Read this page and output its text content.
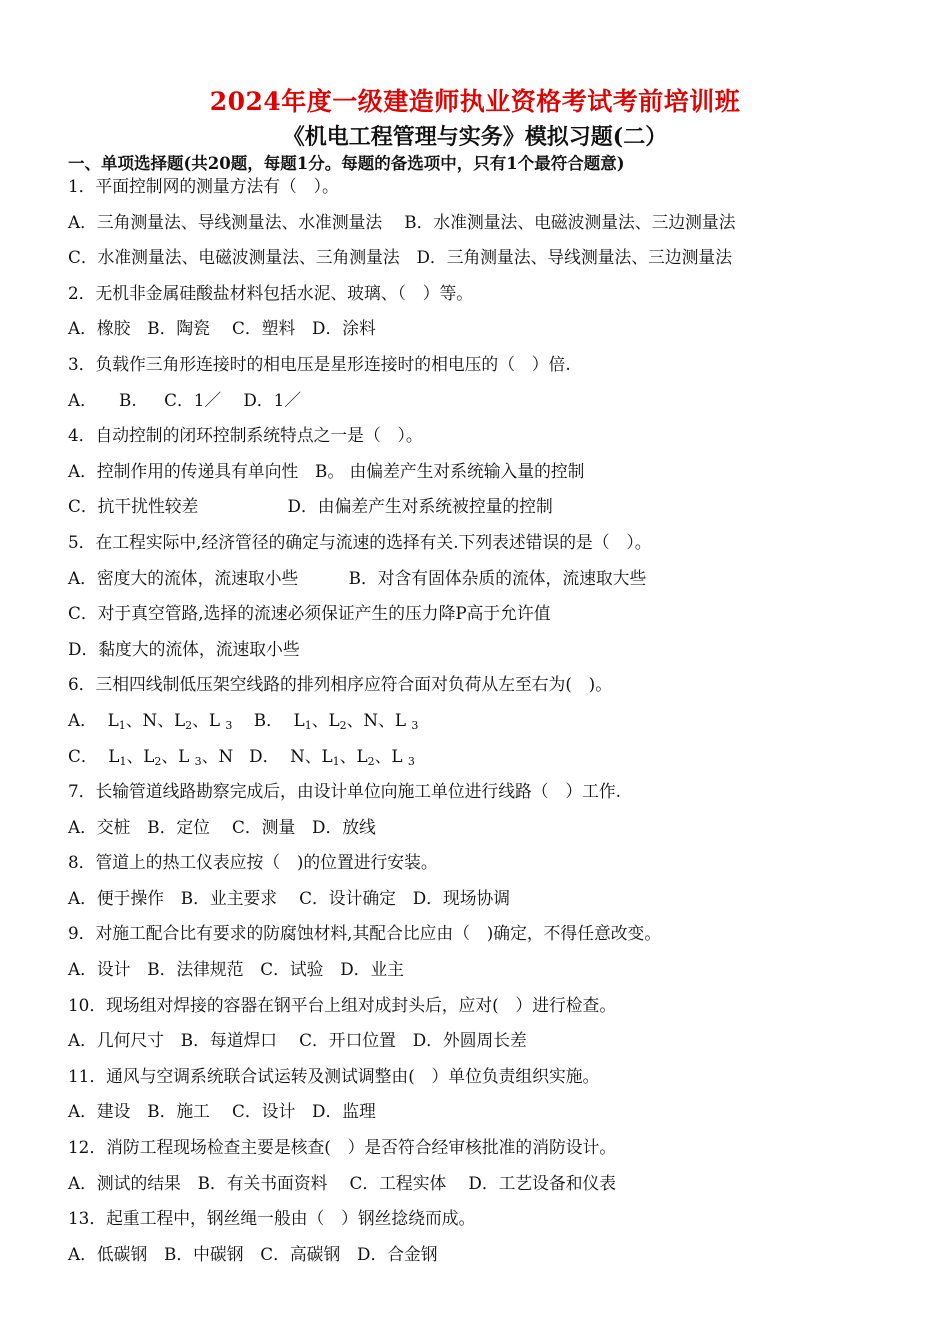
2024年度一级建造师执业资格考试考前培训班
《机电工程管理与实务》模拟习题(二）
一、单项选择题(共20题，每题1分。每题的备选项中，只有1个最符合题意)
1．平面控制网的测量方法有（　）。
A．三角测量法、导线测量法、水准测量法　 B．水准测量法、电磁波测量法、三边测量法
C．水准测量法、电磁波测量法、三角测量法　D．三角测量法、导线测量法、三边测量法
2．无机非金属硅酸盐材料包括水泥、玻璃、（　）等。
A．橡胶　B．陶瓷　 C．塑料　D．涂料
3．负载作三角形连接时的相电压是星形连接时的相电压的（　）倍.
A． 　B. 　 C．1／　 D．1／
4．自动控制的闭环控制系统特点之一是（　）。
A．控制作用的传递具有单向性　B。 由偏差产生对系统输入量的控制
C．抗干扰性较差　　　　　 D．由偏差产生对系统被控量的控制
5．在工程实际中,经济管径的确定与流速的选择有关.下列表述错误的是（　）。
A．密度大的流体，流速取小些　　　B．对含有固体杂质的流体，流速取大些
C．对于真空管路,选择的流速必须保证产生的压力降P高于允许值
D．黏度大的流体，流速取小些
6．三相四线制低压架空线路的排列相序应符合面对负荷从左至右为(　)。
A． $L_1$、N、$L_2$、L $_3$ B． $L_1$、$L_2$、N、L $_3$
C． $L_1$、$L_2$、L $_3$、N D． N、$L_1$、$L_2$、L $_3$
7．长输管道线路勘察完成后，由设计单位向施工单位进行线路（　）工作.
A．交桩　B．定位　 C．测量　D．放线
8．管道上的热工仪表应按（　)的位置进行安装。
A．便于操作　B．业主要求　 C．设计确定　D．现场协调
9．对施工配合比有要求的防腐蚀材料,其配合比应由（　)确定，不得任意改变。
A．设计　B．法律规范　C．试验　D．业主
10．现场组对焊接的容器在钢平台上组对成封头后，应对(　）进行检查。
A．几何尺寸　B．每道焊口　 C．开口位置　D．外圆周长差
11．通风与空调系统联合试运转及测试调整由(　）单位负责组织实施。
A．建设　B．施工　 C．设计　D．监理
12．消防工程现场检查主要是核查(　）是否符合经审核批准的消防设计。
A．测试的结果　B．有关书面资料　 C．工程实体　 D．工艺设备和仪表
13．起重工程中，钢丝绳一般由（　）钢丝捻绕而成。
A．低碳钢　B．中碳钢　C．高碳钢　D．合金钢
